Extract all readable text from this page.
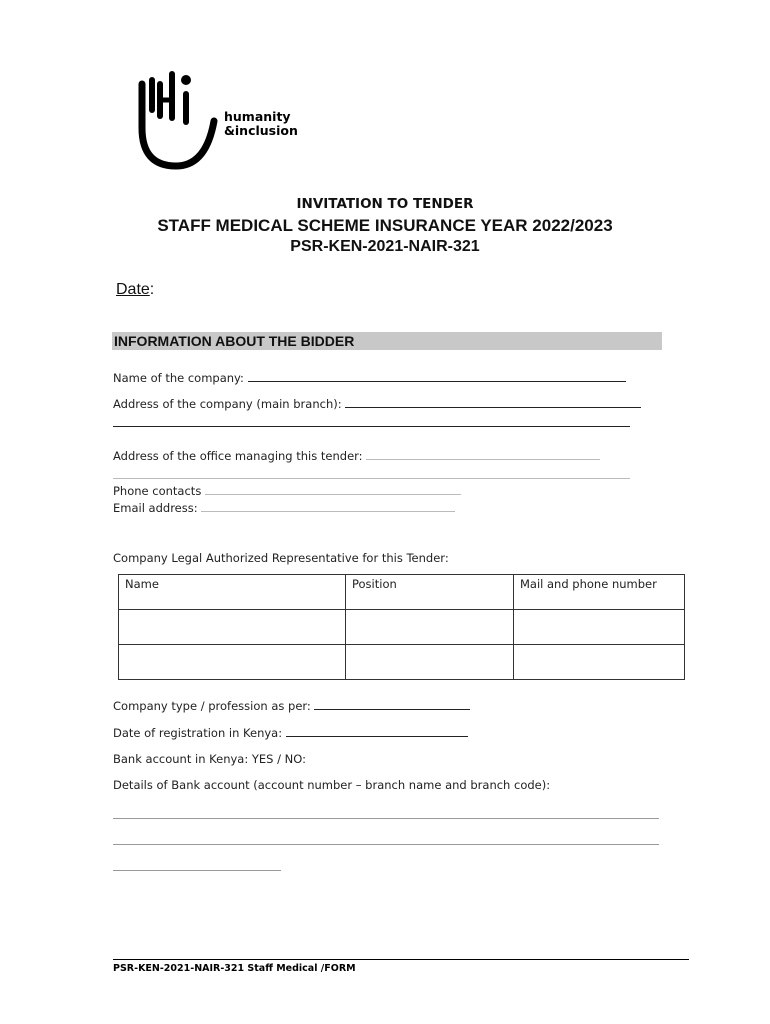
humanity
&inclusion
INVITATION TO TENDER
STAFF MEDICAL SCHEME INSURANCE YEAR 2022/2023
PSR-KEN-2021-NAIR-321
Date:
INFORMATION ABOUT THE BIDDER
Name of the company:
Address of the company (main branch):
Address of the office managing this tender:
Phone contacts
Email address:
Company Legal Authorized Representative for this Tender:
Name	Position	Mail and phone number

Company type / profession as per:
Date of registration in Kenya:
Bank account in Kenya: YES / NO:
Details of Bank account (account number – branch name and branch code):
PSR-KEN-2021-NAIR-321 Staff Medical /FORM
